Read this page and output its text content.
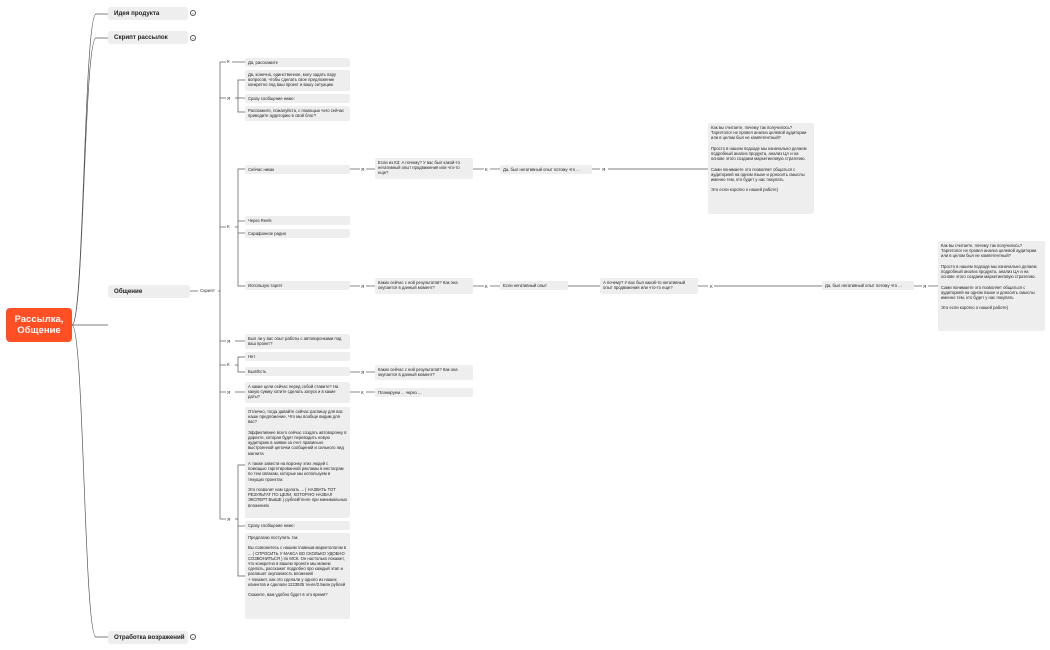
Рассылка,
Общение
Идея продукта	+
Скрипт рассылок	+
Общение
Отработка возражений	+
Скрипт
К
Я
К
Я
К
Я
Я
Я	К	Я
Я	К	К	Я
Я
К
Да, расскажите
Да, конечно, единственное, могу задать пару вопросов, чтобы сделать свое предложение конкретно под ваш проект и вашу ситуацию
Сразу сообщение ниже:
Расскажите, пожалуйста, с помощью чего сейчас приводите аудиторию в свой блог?
Сейчас никак
Если из КЗ: А почему? У вас был какой-то негативный опыт продвижения или что-то еще?
Да, был негативный опыт потому что ...
Как вы считаете, почему так получилось? Таргетолог не провел анализ целевой аудитории или в целом был не компетентный?

Просто в нашем подходе мы изначально делаем подробный анализ продукта, анализ ЦА и на основе этого создаем маркетинговую стратегию.

Сами понимаете это позволяет общаться с аудиторией на одном языке и доносить смыслы именно тем, кто будет у нас покупать

Это если коротко о нашей работе)
Через Reels
Сарафанное радио
Использую таргет
Каких сейчас с ной результатов? Как она окупается в данный момент?	Если негативный опыт
А почему? У вас был какой-то негативный опыт продвижения или что-то еще?	Да, был негативный опыт потому что ...
Как вы считаете, почему так получилось? Таргетолог не провел анализ целевой аудитории или в целом был не компетентный?

Просто в нашем подходе мы изначально делаем подробный анализ продукта, анализ ЦА и на основе этого создаем маркетинговую стратегию.

Сами понимаете это позволяет общаться с аудиторией на одном языке и доносить смыслы именно тем, кто будет у нас покупать

Это если коротко о нашей работе)
Был ли у вас опыт работы с автоворонками под ваш проект?
Нет
Был/Есть	Каких сейчас с ной результатов? Как она окупается в данный момент?
А какие цели сейчас перед собой ставите? На какую сумму хотите сделать запуск и в какие даты?
Планируем ... через ...
Отлично, тогда давайте сейчас распишу для вас наше предложение. Что мы вообще видим для вас?

Эффективнее всего сейчас создать автоворонку в директе, которая будет переводить новую аудиторию в заявки за счет правильно выстроенной цепочки сообщений и сильного лид магнита

А также завести на воронку этих людей с помощью таргетированной рекламы в инстаграм по тем связкам, которые мы используем в текущих проектах

Это позволит нам сделать ... ( НАЗВАТЬ ТОТ РЕЗУЛЬТАТ ПО ЦЕЛИ, КОТОРУЮ НАЗВАЛ ЭКСПЕРТ ВЫШЕ ) рублей/тенге при минимальных вложениях
Сразу сообщение ниже:
Предлагаю поступить так

Вы созвонитесь с нашим главным маркетологом в ... ( СПРОСИТЬ У МАКСА ВО СКОЛЬКО УДОБНО СОЗВОНИТЬСЯ ) по МСК. Он настолько покажет, что конкретно в вашем проекте мы можем сделать, расскажет подробно про каждый этап и распишет окупаемость вложений
+ покажет, как это сделали у одного из наших клиентов и сделали 1223935 тенге/2.5млн рублей

Скажите, вам удобно будет в это время?
